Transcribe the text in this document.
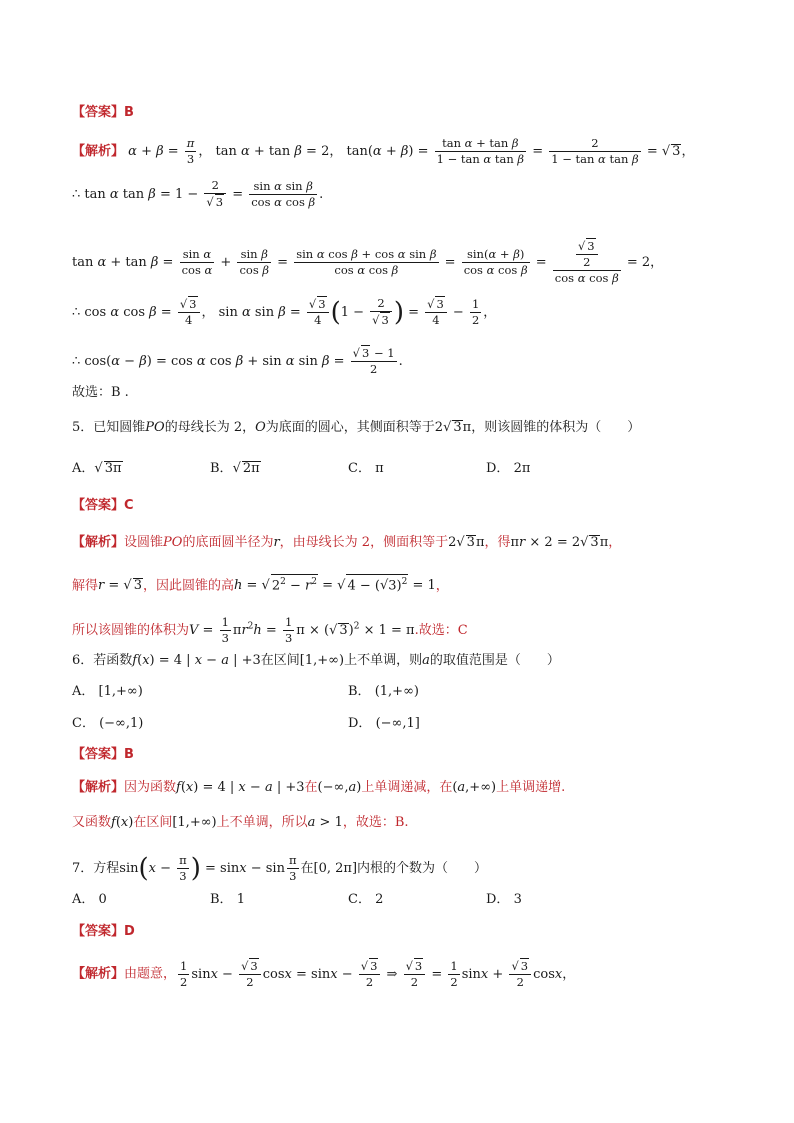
【答案】B
【解析】 $\alpha + \beta = \frac{\pi}{3}$ ， tan α + tan β = 2， $\tan(\alpha + \beta) = \frac{\text{tan α + tan β}}{\text{1 − tan α tan β}} = \frac{2}{\text{1 − tan α tan β}}$ = √ 3，
∴ tan α tan β = 1 − 2
√ $3 = \frac{\text{sin α sin β}}{\text{cos α cos β}}$ .
$\tan \alpha + \tan \beta = \frac{\text{sin α}}{\text{cos α}} + \frac{\text{sin β}}{\text{cos β}} = \frac{\text{sin α cos β + cos α sin β}}{\text{cos α cos β}} = \frac{\sin(\alpha + \beta)}{\text{cos α cos β}}$ = √ $\frac{\frac{3}{2}}{\text{cos α cos β}} = 2$，
∴ cos α cos β = √ $\frac{3}{4}$ ， sin α sin β = √ $\frac{3}{4} (1 - 2$
√ 3 ) = √ $\frac{3}{4} - \frac{1}{2}$ ，
∴ cos(α − β) = cos α cos β + sin α sin β = √ $\frac{3 - 1}{2}$ .
故选：B .
5．已知圆锥PO的母线长为 2，O为底面的圆心，其侧面积等于2 √ 3π，则该圆锥的体积为（　　）
A． √ 3π	B． √ 2π	C． π	D． 2π
【答案】C
【解析】设圆锥PO的底面圆半径为r，由母线长为 2，侧面积等于2 √ 3π，得πr × 2 = 2 √ 3π，
解得r = √ 3，因此圆锥的高h = √ $2^2 - r^2$ = √ 4 − ( √ 3)$^2$ = 1，
所以该圆锥的体积为$V = \frac{1}{3} \pi r^2h = \frac{1}{3}$ π × ( √ 3)$^2$ × 1 = π.故选：C
6．若函数f(x) = 4 | x − a | +3在区间[1,+∞)上不单调，则a的取值范围是（　　）
A． [1,+∞)	B． (1,+∞)
C． (−∞,1)	D． (−∞,1]
【答案】B
【解析】因为函数f(x) = 4 | x − a | +3在(−∞,a)上单调递减，在(a,+∞)上单调递增.
又函数f(x)在区间[1,+∞)上不单调，所以a > 1，故选：B.
7．方程$\sin(x - \frac{\pi}{3}$ ) = $\sin x - \sin \frac{\pi}{3}$ 在[0, 2π]内根的个数为（　　）
A． 0	B． 1	C． 2	D． 3
【答案】D
【解析】由题意， $\frac{1}{2}$ sinx − √ $\frac{3}{2}$ cosx = sinx − √ $\frac{3}{2}$ ⇒ √ $\frac{3}{2} = \frac{1}{2}$ sinx + √ $\frac{3}{2}$ cosx，
